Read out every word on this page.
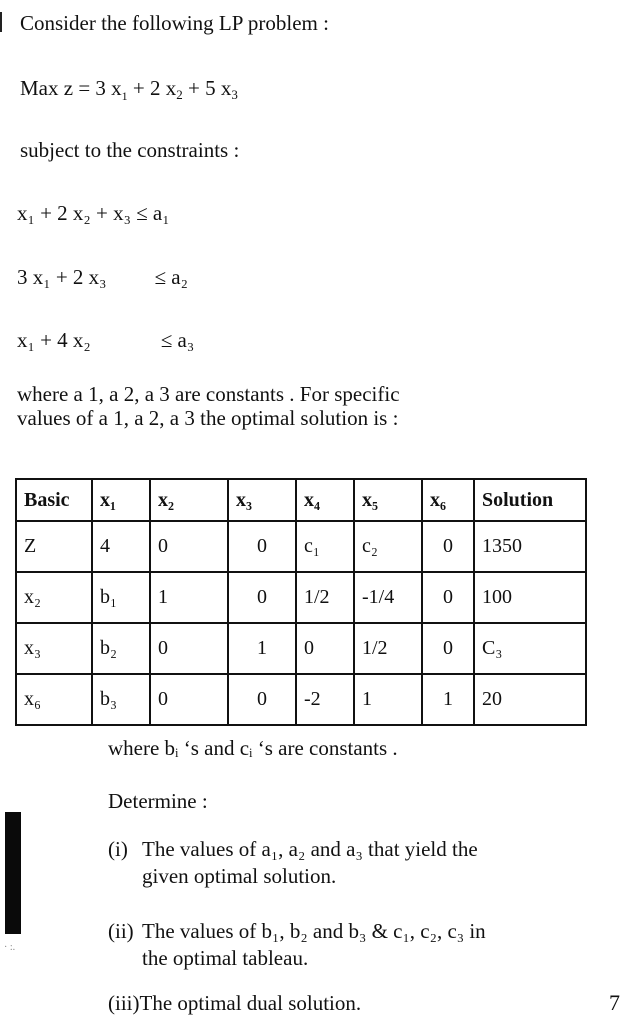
Consider the following LP problem :
Max z = 3 $x_1 + 2$ $x_2 + 5$ $x_3$
subject to the constraints :
x₁ + 2 x₂ + x₃ ≤ a₁
3 x₁ + 2 x₃ ≤ a₂
x₁ + 4 x₂	≤ a₃
where a 1, a 2, a 3 are constants . For specific
values of a 1, a 2, a 3 the optimal solution is :
Basic	x₁	x₂	x₃	x₄	x₅	x₆	Solution
Z	4	0	0	c₁	c₂	0	1350
x₂	b₁	1	0	1/2	-1/4	0	100
x₃	b₂	0	1	0	1/2	0	C₃
x₆	b₃	0	0	-2	1	1	20
where bᵢ ‘s and cᵢ ‘s are constants .
Determine :
· :.
(i) The values of a₁, a₂ and a₃ that yield the
given optimal solution.
(ii) The values of b₁, b₂ and b₃ & c₁, c₂, c₃ in
the optimal tableau.
(iii)The optimal dual solution.	7
